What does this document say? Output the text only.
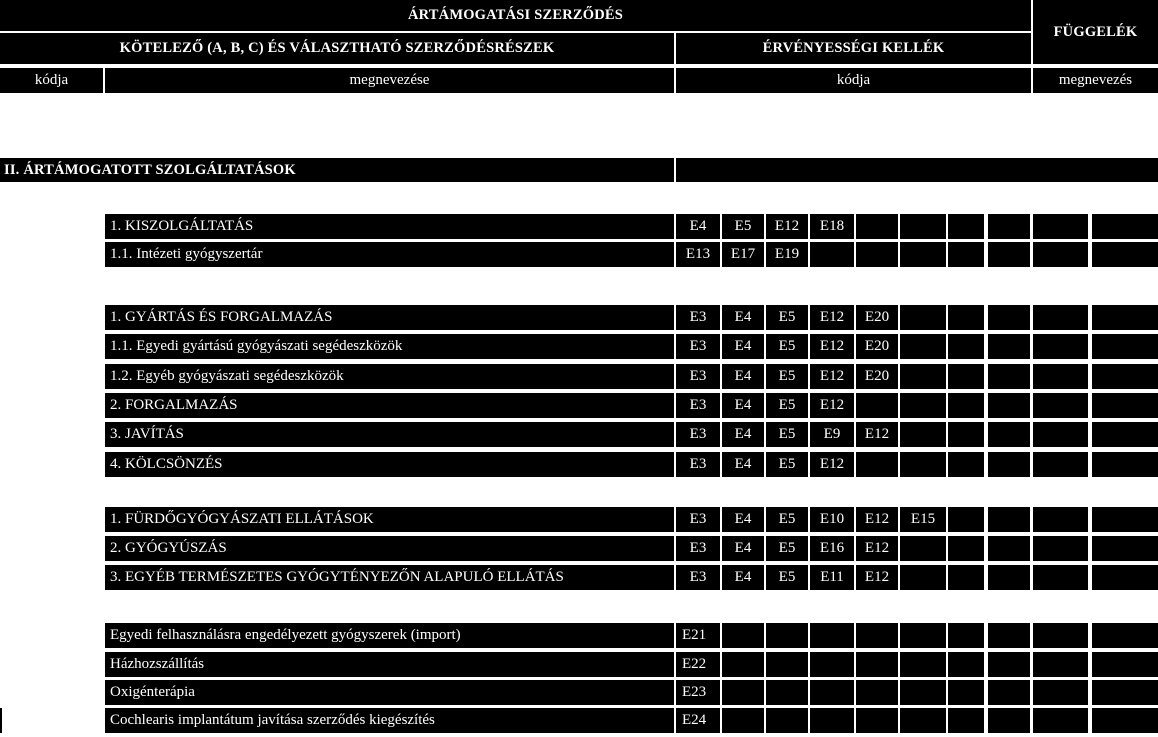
ÁRTÁMOGATÁSI SZERZŐDÉS
FÜGGELÉK
KÖTELEZŐ (A, B, C) ÉS VÁLASZTHATÓ SZERZŐDÉSRÉSZEK	ÉRVÉNYESSÉGI KELLÉK
kódja	megnevezése	kódja	megnevezés
II. ÁRTÁMOGATOTT SZOLGÁLTATÁSOK
1. KISZOLGÁLTATÁS	E4	E5	E12	E18
1.1. Intézeti gyógyszertár	E13	E17	E19
1. GYÁRTÁS ÉS FORGALMAZÁS	E3	E4	E5	E12	E20
1.1. Egyedi gyártású gyógyászati segédeszközök	E3	E4	E5	E12	E20
1.2. Egyéb gyógyászati segédeszközök	E3	E4	E5	E12	E20
2. FORGALMAZÁS	E3	E4	E5	E12
3. JAVÍTÁS	E3	E4	E5	E9	E12
4. KÖLCSÖNZÉS	E3	E4	E5	E12
1. FÜRDŐGYÓGYÁSZATI ELLÁTÁSOK	E3	E4	E5	E10	E12	E15
2. GYÓGYÚSZÁS	E3	E4	E5	E16	E12
3. EGYÉB TERMÉSZETES GYÓGYTÉNYEZŐN ALAPULÓ ELLÁTÁS	E3	E4	E5	E11	E12
Egyedi felhasználásra engedélyezett gyógyszerek (import)	E21
Házhozszállítás	E22
Oxigénterápia	E23
Cochlearis implantátum javítása szerződés kiegészítés	E24
